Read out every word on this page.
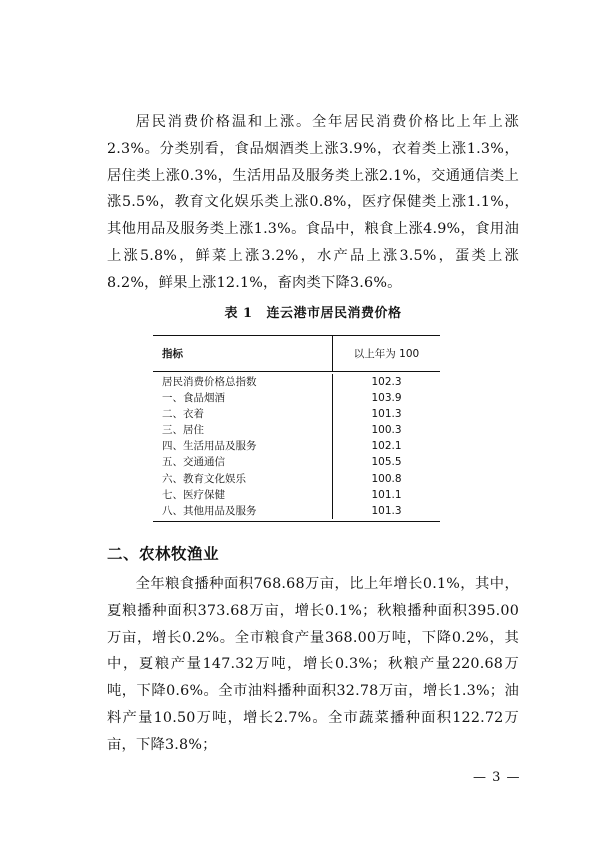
居民消费价格温和上涨。全年居民消费价格比上年上涨2.3%。分类别看，食品烟酒类上涨3.9%，衣着类上涨1.3%，居住类上涨0.3%，生活用品及服务类上涨2.1%，交通通信类上涨5.5%，教育文化娱乐类上涨0.8%，医疗保健类上涨1.1%，其他用品及服务类上涨1.3%。食品中，粮食上涨4.9%，食用油上涨5.8%，鲜菜上涨3.2%，水产品上涨3.5%，蛋类上涨8.2%，鲜果上涨12.1%，畜肉类下降3.6%。

表 1 连云港市居民消费价格
指标	以上年为 100
居民消费价格总指数
一、食品烟酒
二、衣着
三、居住
四、生活用品及服务
五、交通通信
六、教育文化娱乐
七、医疗保健
八、其他用品及服务
102.3
103.9
101.3
100.3
102.1
105.5
100.8
101.1
101.3
二、农林牧渔业

全年粮食播种面积768.68万亩，比上年增长0.1%，其中，夏粮播种面积373.68万亩，增长0.1%；秋粮播种面积395.00万亩，增长0.2%。全市粮食产量368.00万吨，下降0.2%，其中，夏粮产量147.32万吨，增长0.3%；秋粮产量220.68万吨，下降0.6%。全市油料播种面积32.78万亩，增长1.3%；油料产量10.50万吨，增长2.7%。全市蔬菜播种面积122.72万亩，下降3.8%；

— 3 —
